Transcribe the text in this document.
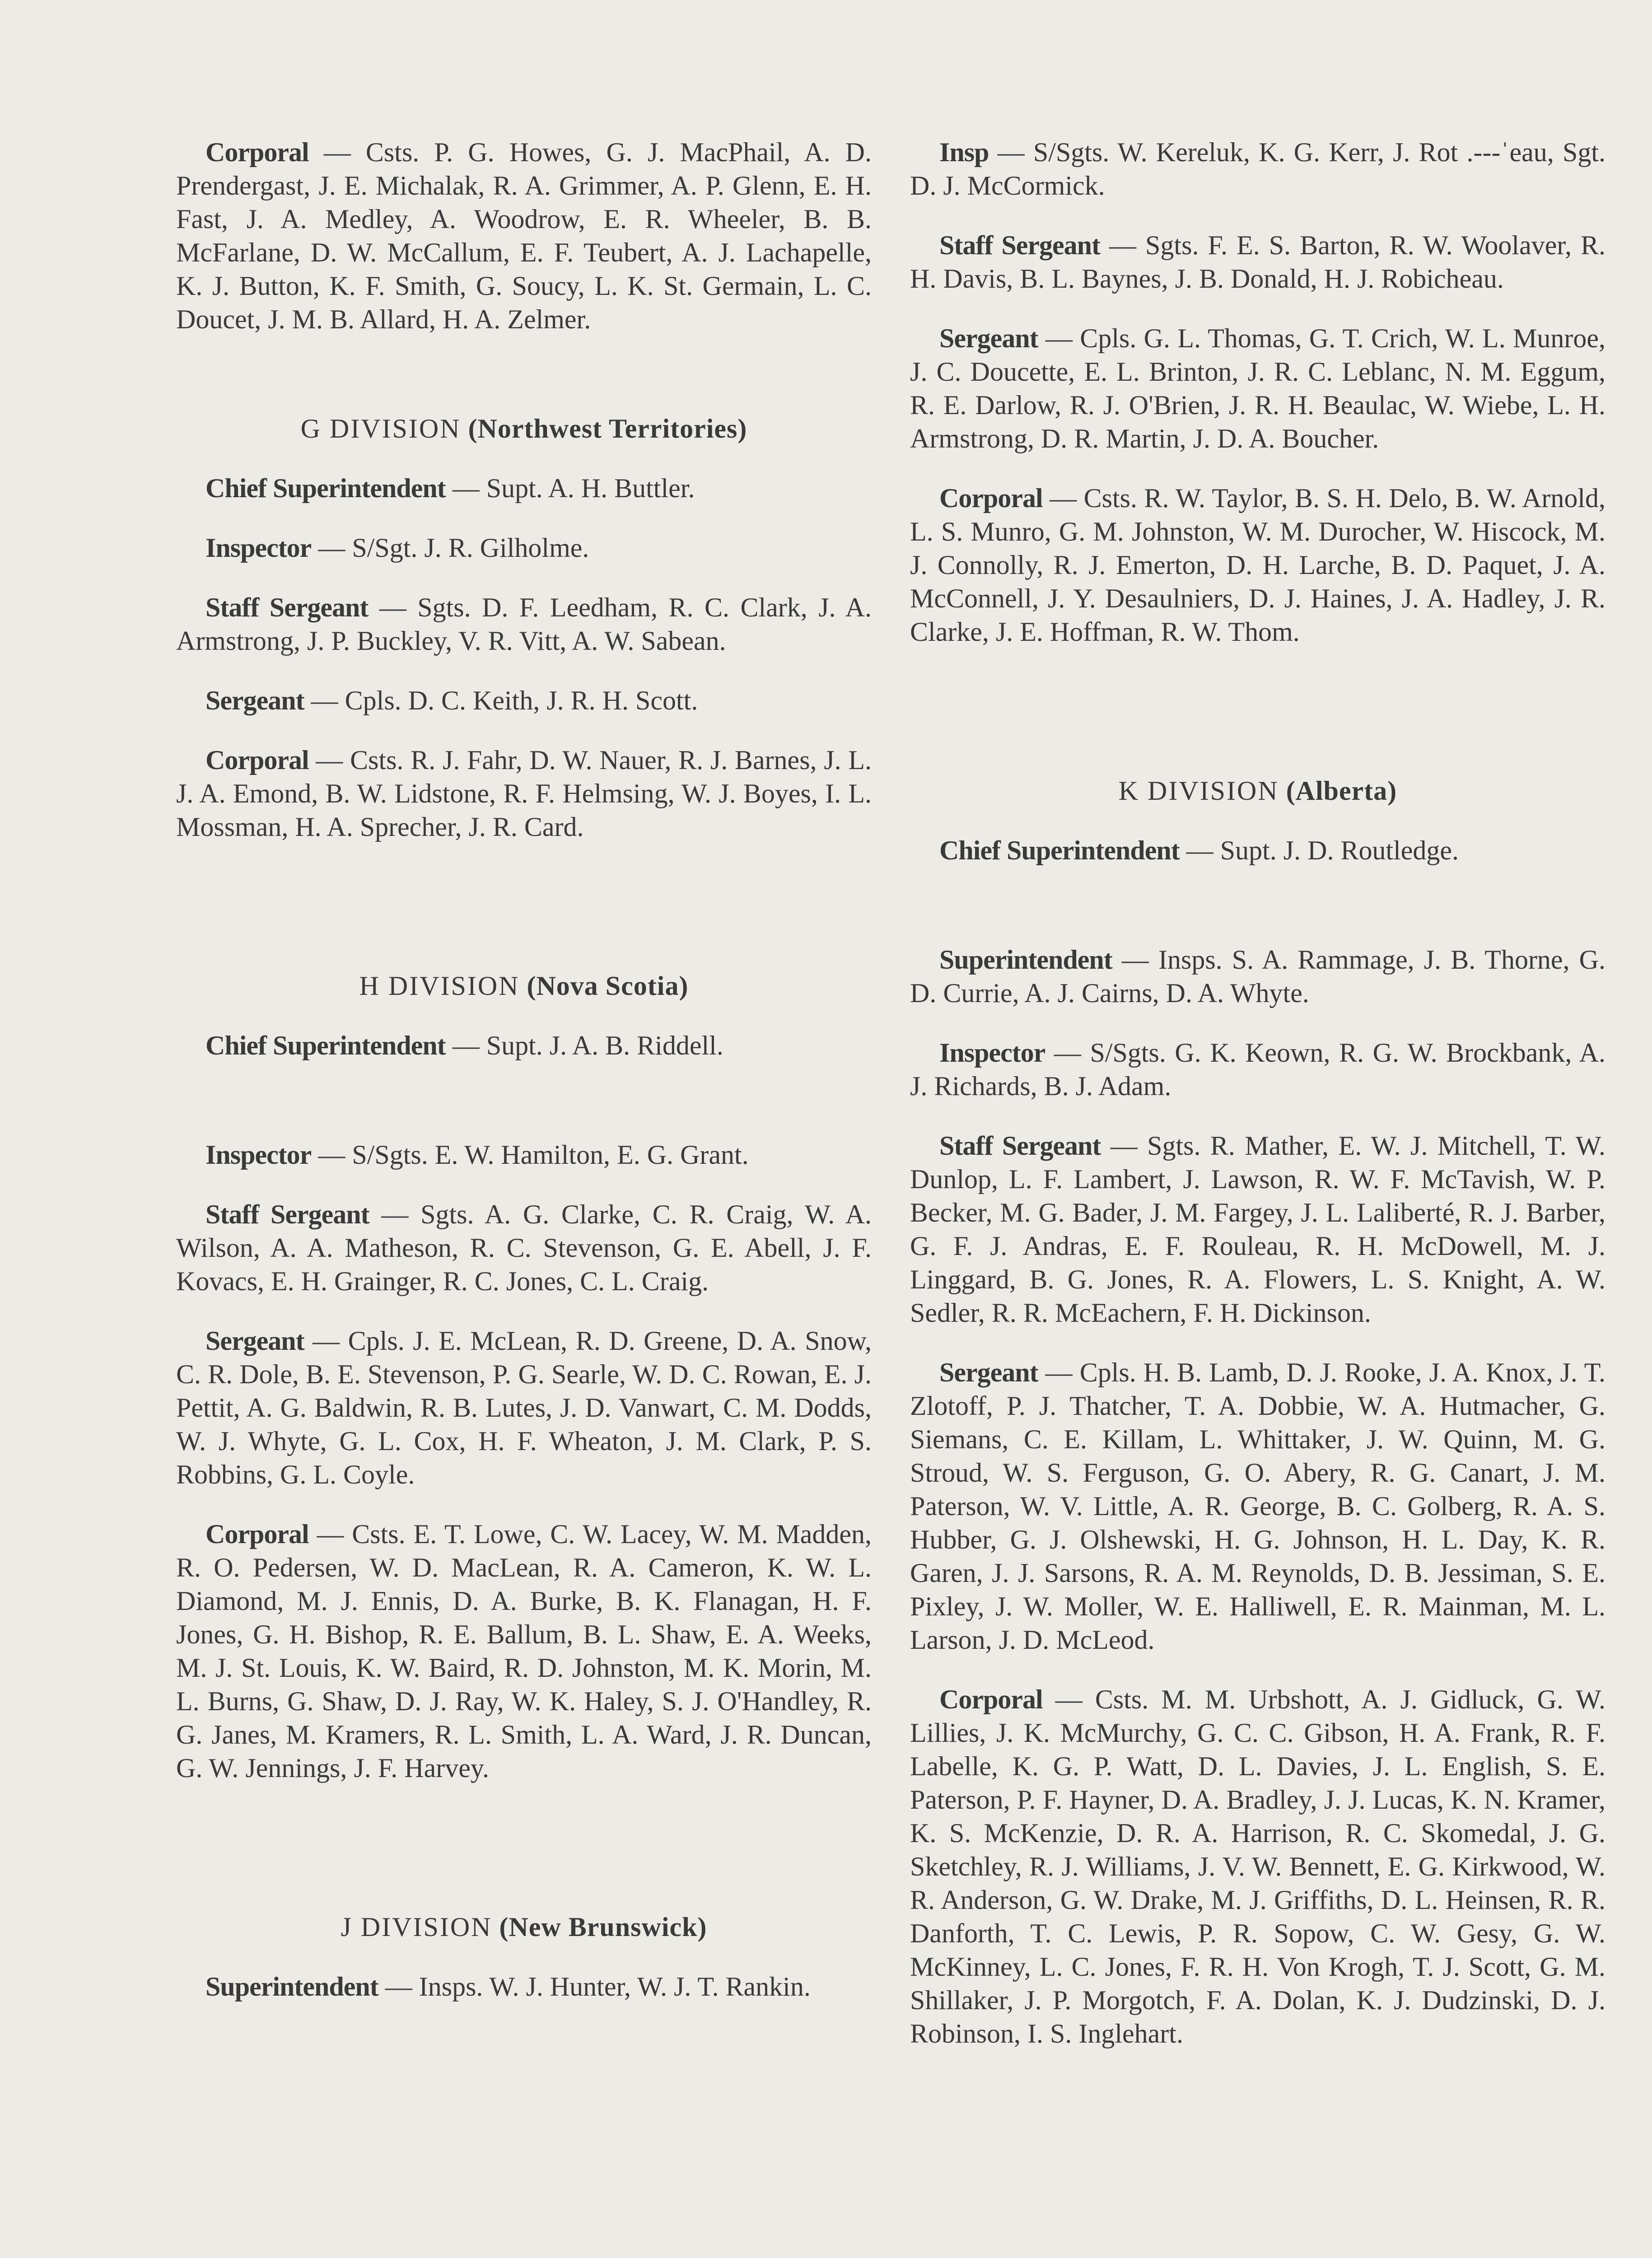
Corporal — Csts. P. G. Howes, G. J. MacPhail, A. D. Prendergast, J. E. Michalak, R. A. Grimmer, A. P. Glenn, E. H. Fast, J. A. Medley, A. Woodrow, E. R. Wheeler, B. B. McFarlane, D. W. McCallum, E. F. Teubert, A. J. Lachapelle, K. J. Button, K. F. Smith, G. Soucy, L. K. St. Germain, L. C. Doucet, J. M. B. Allard, H. A. Zelmer.

G DIVISION (Northwest Territories)

Chief Superintendent — Supt. A. H. Buttler.

Inspector — S/Sgt. J. R. Gilholme.

Staff Sergeant — Sgts. D. F. Leedham, R. C. Clark, J. A. Armstrong, J. P. Buckley, V. R. Vitt, A. W. Sabean.

Sergeant — Cpls. D. C. Keith, J. R. H. Scott.

Corporal — Csts. R. J. Fahr, D. W. Nauer, R. J. Barnes, J. L. J. A. Emond, B. W. Lidstone, R. F. Helmsing, W. J. Boyes, I. L. Mossman, H. A. Sprecher, J. R. Card.

H DIVISION (Nova Scotia)

Chief Superintendent — Supt. J. A. B. Riddell.

Inspector — S/Sgts. E. W. Hamilton, E. G. Grant.

Staff Sergeant — Sgts. A. G. Clarke, C. R. Craig, W. A. Wilson, A. A. Matheson, R. C. Stevenson, G. E. Abell, J. F. Kovacs, E. H. Grainger, R. C. Jones, C. L. Craig.

Sergeant — Cpls. J. E. McLean, R. D. Greene, D. A. Snow, C. R. Dole, B. E. Stevenson, P. G. Searle, W. D. C. Rowan, E. J. Pettit, A. G. Baldwin, R. B. Lutes, J. D. Vanwart, C. M. Dodds, W. J. Whyte, G. L. Cox, H. F. Wheaton, J. M. Clark, P. S. Robbins, G. L. Coyle.

Corporal — Csts. E. T. Lowe, C. W. Lacey, W. M. Madden, R. O. Pedersen, W. D. MacLean, R. A. Cameron, K. W. L. Diamond, M. J. Ennis, D. A. Burke, B. K. Flanagan, H. F. Jones, G. H. Bishop, R. E. Ballum, B. L. Shaw, E. A. Weeks, M. J. St. Louis, K. W. Baird, R. D. Johnston, M. K. Morin, M. L. Burns, G. Shaw, D. J. Ray, W. K. Haley, S. J. O'Handley, R. G. Janes, M. Kramers, R. L. Smith, L. A. Ward, J. R. Duncan, G. W. Jennings, J. F. Harvey.

J DIVISION (New Brunswick)

Superintendent — Insps. W. J. Hunter, W. J. T. Rankin.

Insp — S/Sgts. W. Kereluk, K. G. Kerr, J. Rot .‑‑‑ˈeau, Sgt. D. J. McCormick.

Staff Sergeant — Sgts. F. E. S. Barton, R. W. Woolaver, R. H. Davis, B. L. Baynes, J. B. Donald, H. J. Robicheau.

Sergeant — Cpls. G. L. Thomas, G. T. Crich, W. L. Munroe, J. C. Doucette, E. L. Brinton, J. R. C. Leblanc, N. M. Eggum, R. E. Darlow, R. J. O'Brien, J. R. H. Beaulac, W. Wiebe, L. H. Armstrong, D. R. Martin, J. D. A. Boucher.

Corporal — Csts. R. W. Taylor, B. S. H. Delo, B. W. Arnold, L. S. Munro, G. M. Johnston, W. M. Durocher, W. Hiscock, M. J. Connolly, R. J. Emerton, D. H. Larche, B. D. Paquet, J. A. McConnell, J. Y. Desaulniers, D. J. Haines, J. A. Hadley, J. R. Clarke, J. E. Hoffman, R. W. Thom.

K DIVISION (Alberta)

Chief Superintendent — Supt. J. D. Routledge.

Superintendent — Insps. S. A. Rammage, J. B. Thorne, G. D. Currie, A. J. Cairns, D. A. Whyte.

Inspector — S/Sgts. G. K. Keown, R. G. W. Brockbank, A. J. Richards, B. J. Adam.

Staff Sergeant — Sgts. R. Mather, E. W. J. Mitchell, T. W. Dunlop, L. F. Lambert, J. Lawson, R. W. F. McTavish, W. P. Becker, M. G. Bader, J. M. Fargey, J. L. Laliberté, R. J. Barber, G. F. J. Andras, E. F. Rouleau, R. H. McDowell, M. J. Linggard, B. G. Jones, R. A. Flowers, L. S. Knight, A. W. Sedler, R. R. McEachern, F. H. Dickinson.

Sergeant — Cpls. H. B. Lamb, D. J. Rooke, J. A. Knox, J. T. Zlotoff, P. J. Thatcher, T. A. Dobbie, W. A. Hutmacher, G. Siemans, C. E. Killam, L. Whittaker, J. W. Quinn, M. G. Stroud, W. S. Ferguson, G. O. Abery, R. G. Canart, J. M. Paterson, W. V. Little, A. R. George, B. C. Golberg, R. A. S. Hubber, G. J. Olshewski, H. G. Johnson, H. L. Day, K. R. Garen, J. J. Sarsons, R. A. M. Reynolds, D. B. Jessiman, S. E. Pixley, J. W. Moller, W. E. Halliwell, E. R. Mainman, M. L. Larson, J. D. McLeod.

Corporal — Csts. M. M. Urbshott, A. J. Gidluck, G. W. Lillies, J. K. McMurchy, G. C. C. Gibson, H. A. Frank, R. F. Labelle, K. G. P. Watt, D. L. Davies, J. L. English, S. E. Paterson, P. F. Hayner, D. A. Bradley, J. J. Lucas, K. N. Kramer, K. S. McKenzie, D. R. A. Harrison, R. C. Skomedal, J. G. Sketchley, R. J. Williams, J. V. W. Bennett, E. G. Kirkwood, W. R. Anderson, G. W. Drake, M. J. Griffiths, D. L. Heinsen, R. R. Danforth, T. C. Lewis, P. R. Sopow, C. W. Gesy, G. W. McKinney, L. C. Jones, F. R. H. Von Krogh, T. J. Scott, G. M. Shillaker, J. P. Morgotch, F. A. Dolan, K. J. Dudzinski, D. J. Robinson, I. S. Inglehart.
